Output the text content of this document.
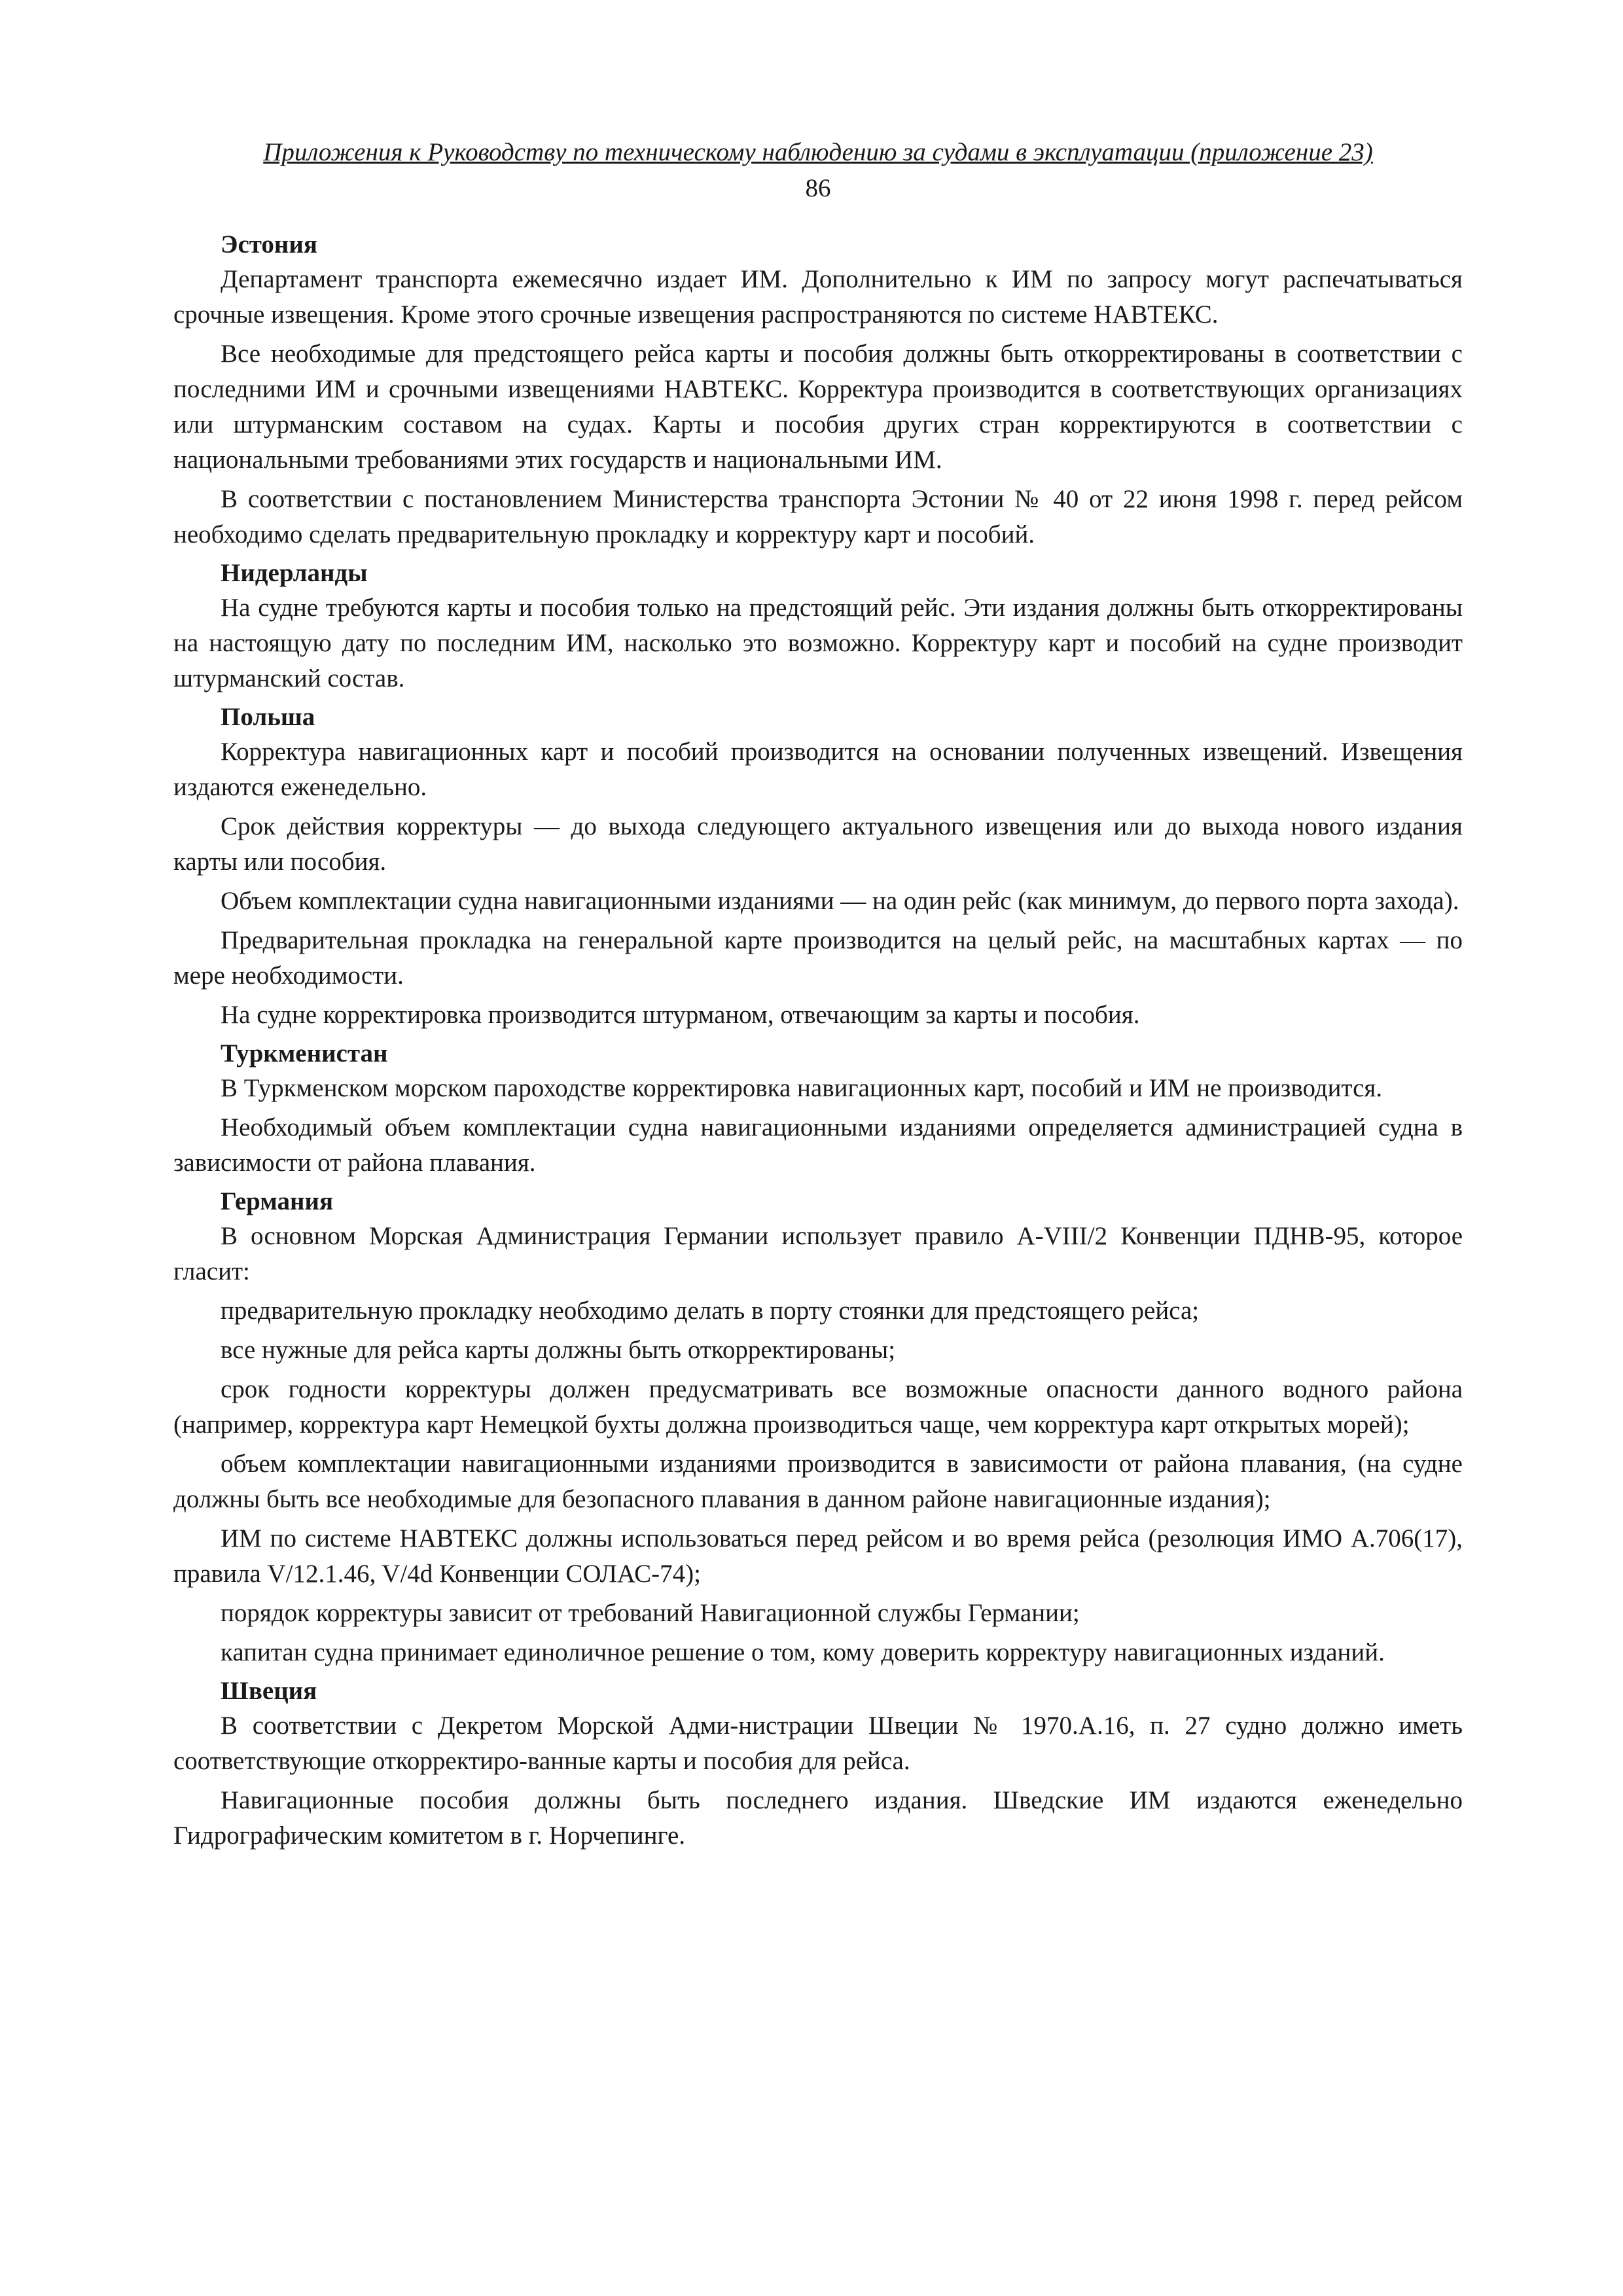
Приложения к Руководству по техническому наблюдению за судами в эксплуатации (приложение 23)
86
Эстония

Департамент транспорта ежемесячно издает ИМ. Дополнительно к ИМ по запросу могут распечатываться срочные извещения. Кроме этого срочные извещения распространяются по системе НАВТЕКС.

Все необходимые для предстоящего рейса карты и пособия должны быть откорректированы в соответствии с последними ИМ и срочными извещениями НАВТЕКС. Корректура производится в соответствующих организациях или штурманским составом на судах. Карты и пособия других стран корректируются в соответствии с национальными требованиями этих государств и национальными ИМ.

В соответствии с постановлением Министерства транспорта Эстонии № 40 от 22 июня 1998 г. перед рейсом необходимо сделать предварительную прокладку и корректуру карт и пособий.

Нидерланды

На судне требуются карты и пособия только на предстоящий рейс. Эти издания должны быть откорректированы на настоящую дату по последним ИМ, насколько это возможно. Корректуру карт и пособий на судне производит штурманский состав.

Польша

Корректура навигационных карт и пособий производится на основании полученных извещений. Извещения издаются еженедельно.

Срок действия корректуры — до выхода следующего актуального извещения или до выхода нового издания карты или пособия.

Объем комплектации судна навигационными изданиями — на один рейс (как минимум, до первого порта захода).

Предварительная прокладка на генеральной карте производится на целый рейс, на масштабных картах — по мере необходимости.

На судне корректировка производится штурманом, отвечающим за карты и пособия.

Туркменистан

В Туркменском морском пароходстве корректировка навигационных карт, пособий и ИМ не производится.

Необходимый объем комплектации судна навигационными изданиями определяется администрацией судна в зависимости от района плавания.

Германия

В основном Морская Администрация Германии использует правило A-VIII/2 Конвенции ПДНВ-95, которое гласит:

предварительную прокладку необходимо делать в порту стоянки для предстоящего рейса;

все нужные для рейса карты должны быть откорректированы;

срок годности корректуры должен предусматривать все возможные опасности данного водного района (например, корректура карт Немецкой бухты должна производиться чаще, чем корректура карт открытых морей);

объем комплектации навигационными изданиями производится в зависимости от района плавания, (на судне должны быть все необходимые для безопасного плавания в данном районе навигационные издания);

ИМ по системе НАВТЕКС должны использоваться перед рейсом и во время рейса (резолюция ИМО A.706(17), правила V/12.1.46, V/4d Конвенции СОЛАС-74);

порядок корректуры зависит от требований Навигационной службы Германии;

капитан судна принимает единоличное решение о том, кому доверить корректуру навигационных изданий.

Швеция

В соответствии с Декретом Морской Адми-нистрации Швеции № 1970.A.16, п. 27 судно должно иметь соответствующие откорректиро-ванные карты и пособия для рейса.

Навигационные пособия должны быть последнего издания. Шведские ИМ издаются еженедельно Гидрографическим комитетом в г. Норчепинге.
